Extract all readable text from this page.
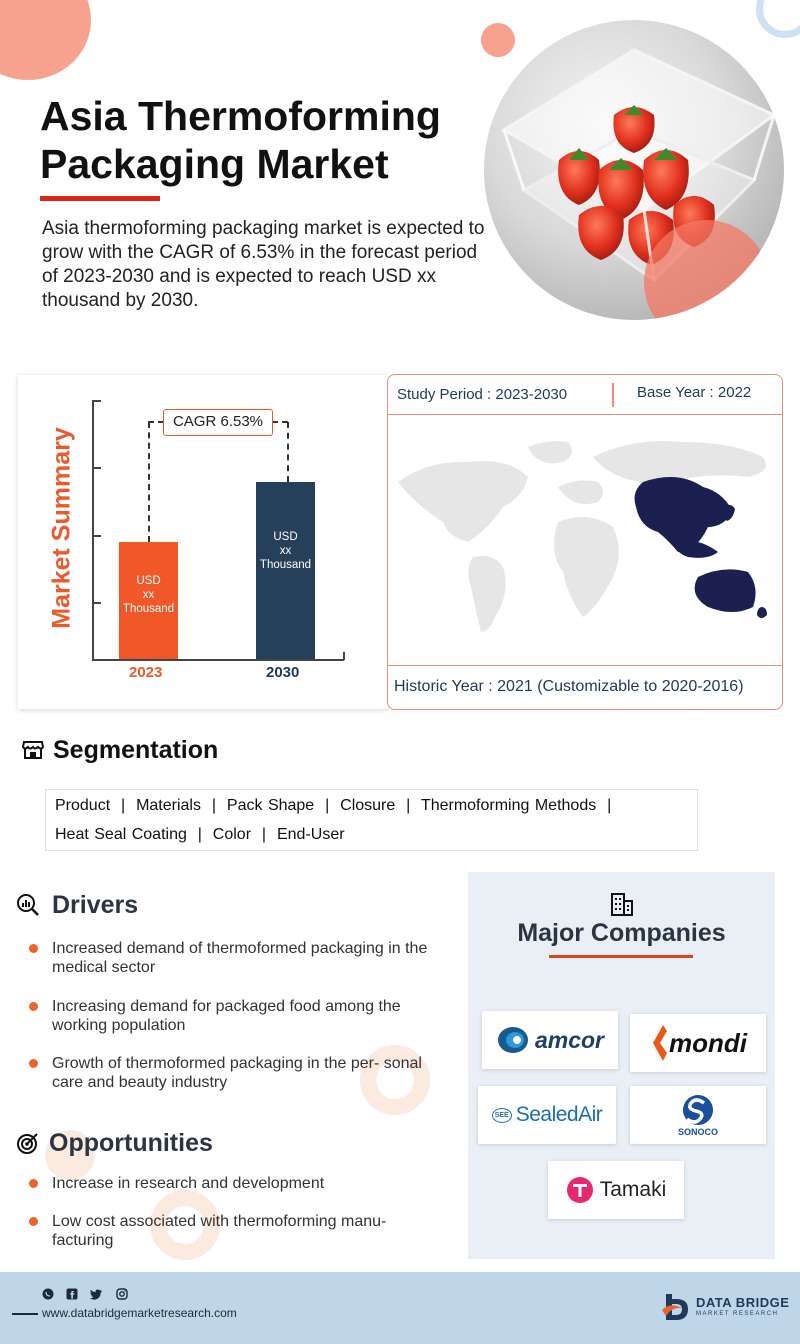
Asia Thermoforming
Packaging Market
Asia thermoforming packaging market is expected to grow with the CAGR of 6.53% in the forecast period of 2023-2030 and is expected to reach USD xx thousand by 2030.
Market Summary
CAGR 6.53%
USD
xx
Thousand
2023
USD
xx
Thousand
2030
Study Period : 2023-2030	Base Year : 2022
Historic Year : 2021 (Customizable to 2020-2016)
Segmentation
Product  |  Materials  |  Pack Shape  |  Closure  |  Thermoforming Methods  |
Heat Seal Coating  |  Color  |  End-User
Drivers
Increased demand of thermoformed packaging in the medical sector
Increasing demand for packaged food among the working population
Growth of thermoformed packaging in the per- sonal care and beauty industry
Opportunities
Increase in research and development
Low cost associated with thermoforming manu- facturing
Major Companies
amcor mondi
SEE SealedAir
SONOCO
Tamaki
www.databridgemarketresearch.com
DATA BRIDGE
MARKET RESEARCH
